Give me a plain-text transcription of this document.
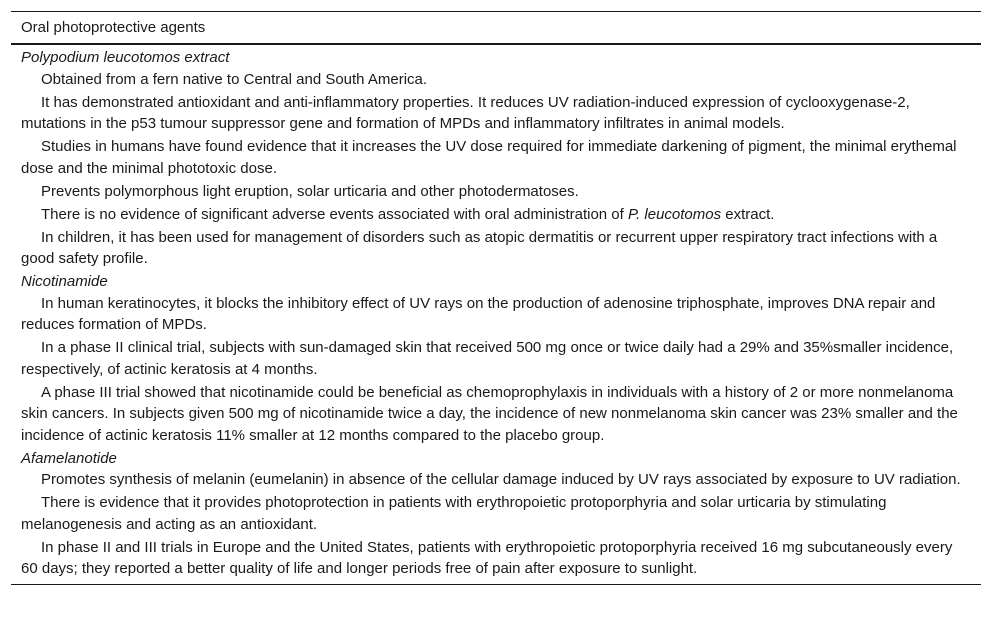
Oral photoprotective agents
Polypodium leucotomos extract

Obtained from a fern native to Central and South America.

It has demonstrated antioxidant and anti-inflammatory properties. It reduces UV radiation-induced expression of cyclooxygenase-2, mutations in the p53 tumour suppressor gene and formation of MPDs and inflammatory infiltrates in animal models.

Studies in humans have found evidence that it increases the UV dose required for immediate darkening of pigment, the minimal erythemal dose and the minimal phototoxic dose.

Prevents polymorphous light eruption, solar urticaria and other photodermatoses.

There is no evidence of significant adverse events associated with oral administration of P. leucotomos extract.

In children, it has been used for management of disorders such as atopic dermatitis or recurrent upper respiratory tract infections with a good safety profile.

Nicotinamide

In human keratinocytes, it blocks the inhibitory effect of UV rays on the production of adenosine triphosphate, improves DNA repair and reduces formation of MPDs.

In a phase II clinical trial, subjects with sun-damaged skin that received 500 mg once or twice daily had a 29% and 35%smaller incidence, respectively, of actinic keratosis at 4 months.

A phase III trial showed that nicotinamide could be beneficial as chemoprophylaxis in individuals with a history of 2 or more nonmelanoma skin cancers. In subjects given 500 mg of nicotinamide twice a day, the incidence of new nonmelanoma skin cancer was 23% smaller and the incidence of actinic keratosis 11% smaller at 12 months compared to the placebo group.

Afamelanotide

Promotes synthesis of melanin (eumelanin) in absence of the cellular damage induced by UV rays associated by exposure to UV radiation.

There is evidence that it provides photoprotection in patients with erythropoietic protoporphyria and solar urticaria by stimulating melanogenesis and acting as an antioxidant.

In phase II and III trials in Europe and the United States, patients with erythropoietic protoporphyria received 16 mg subcutaneously every 60 days; they reported a better quality of life and longer periods free of pain after exposure to sunlight.
